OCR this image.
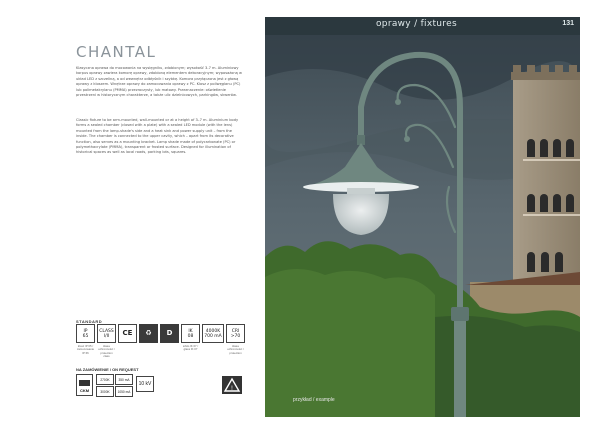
CHANTAL
Klasyczna oprawa do mocowania na wysięgniku, zdobionym; wysokość 3-7 m. Aluminiowy korpus oprawy zawiera komorę oprawy, zdobioną elementem dekoracyjnym; wyposażoną w układ LED z szczeliną, a od wewnętrz odbłyśnik i szybkę. Komora przyłączona jest z głową oprawy z kloszem. Wnętrze oprawy do zamocowania oprawy z PC. Klosz z poliwęglanu (PC) lub polimetakrylanu (PMMA) przezroczysty, lub matowy. Przeznaczenie: oświetlenie przestrzeni w historycznym charakterze, a także ulic dzielnicowych, parkingów, skwerów.
Classic fixture to be arm-mounted, wall-mounted or at a height of 3–7 m. Aluminium body forms a sealed chamber (closed with a plate) with a sealed LED module (with the lens) mounted from the lamp-shade's side and a heat sink and power supply unit – from the inside. The chamber is connected to the upper cavity, which – apart from its decorative function, also serves as a mounting bracket. Lamp shade made of polycarbonate (PC) or polymethacrylate (PMMA), transparent or frosted surface. Designed for illumination of historical spaces as well as local roads, parking lots, squares.
STANDARD
IP
65
CLASS
I/II CE ♻ D	IK
08
4000K
700 mA
CRI
>70
klosz IP 65 / zamocowanie IP 66
klasa ochronności / protection class
szkło IK 07 / glass IK 07
klasa ochronności / protection
NA ZAMÓWIENIE / ON REQUEST
CKM
2700K	350 mA
3000K	1050 mA
10 kV
!
oprawy / fixtures	131
przykład / example
